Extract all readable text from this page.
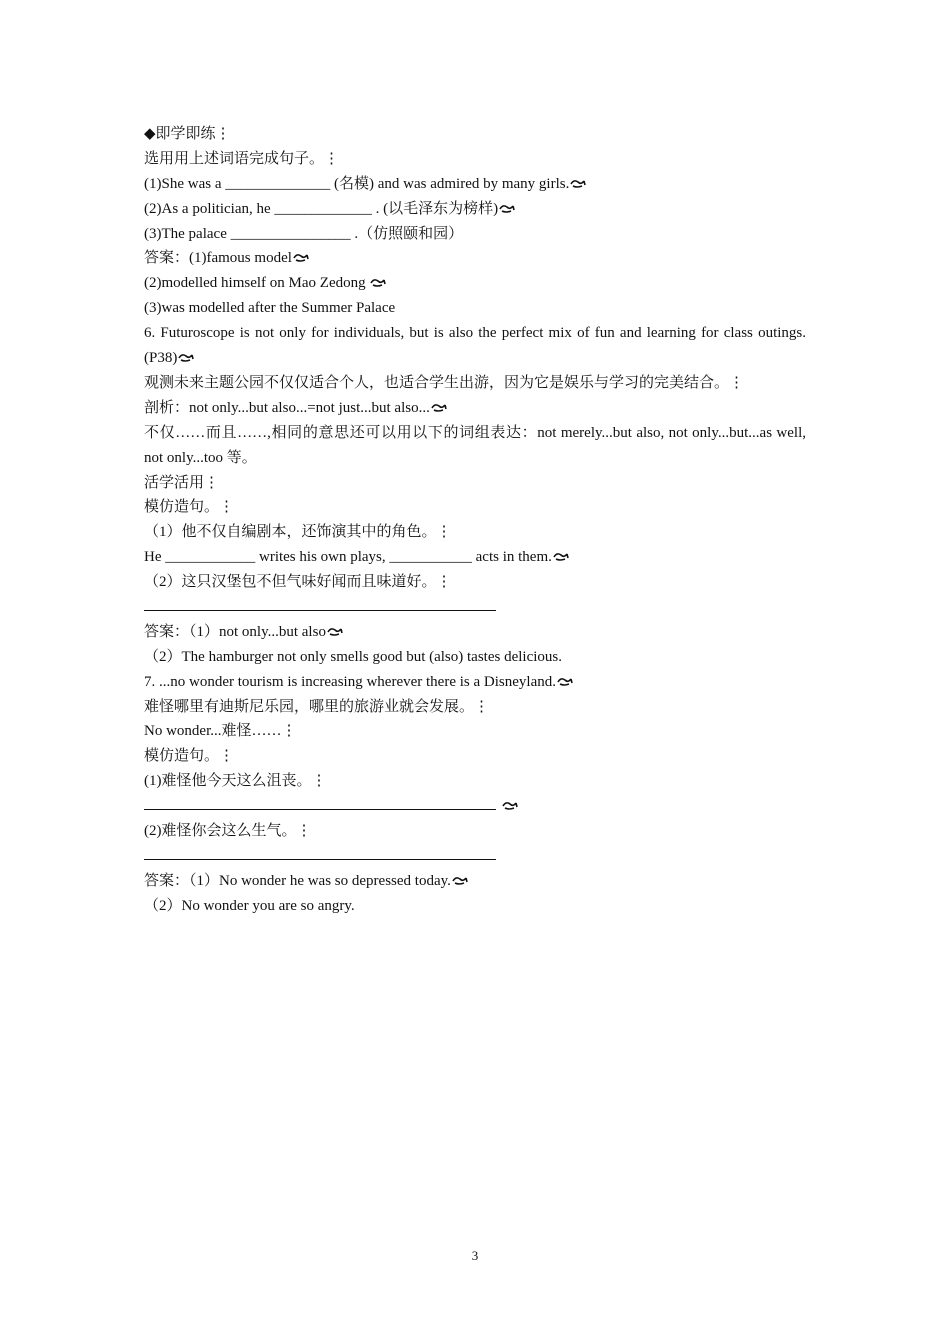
◆即学即练⋮
选用用上述词语完成句子。⋮
(1)She was a ______________ (名模) and was admired by many girls.
(2)As a politician, he _____________ . (以毛泽东为榜样)
(3)The palace ________________ .（仿照颐和园）
答案：(1)famous model
(2)modelled himself on Mao Zedong
(3)was modelled after the Summer Palace
6. Futuroscope is not only for individuals, but is also the perfect mix of fun and learning for class outings.(P38)
观测未来主题公园不仅仅适合个人，也适合学生出游，因为它是娱乐与学习的完美结合。⋮
剖析：not only...but also...=not just...but also...
不仅……而且……,相同的意思还可以用以下的词组表达：not merely...but also, not only...but...as well, not only...too 等。
活学活用⋮
模仿造句。⋮
（1）他不仅自编剧本，还饰演其中的角色。⋮
He ____________ writes his own plays, ___________ acts in them.
（2）这只汉堡包不但气味好闻而且味道好。⋮
答案：（1）not only...but also
（2）The hamburger not only smells good but (also) tastes delicious.
7. ...no wonder tourism is increasing wherever there is a Disneyland.
难怪哪里有迪斯尼乐园，哪里的旅游业就会发展。⋮
No wonder...难怪……⋮
模仿造句。⋮
(1)难怪他今天这么沮丧。⋮
(2)难怪你会这么生气。⋮
答案：（1）No wonder he was so depressed today.
（2）No wonder you are so angry.
3
